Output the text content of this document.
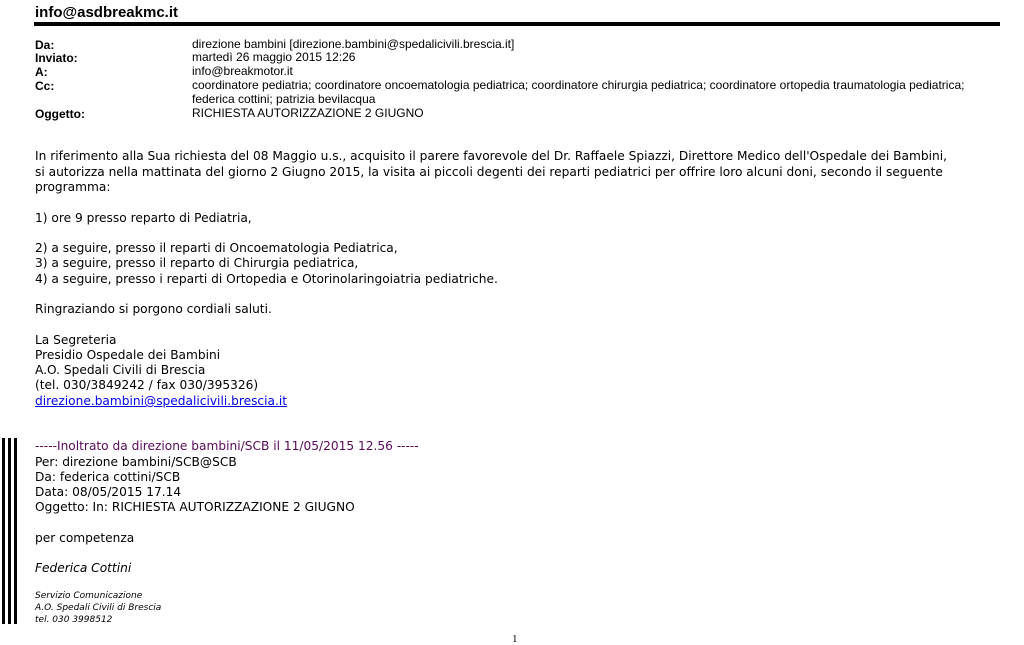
info@asdbreakmc.it
Da:	direzione bambini [direzione.bambini@spedalicivili.brescia.it]
Inviato:	martedì 26 maggio 2015 12:26
A:	info@breakmotor.it
Cc:	coordinatore pediatria; coordinatore oncoematologia pediatrica; coordinatore chirurgia pediatrica; coordinatore ortopedia traumatologia pediatrica;
federica cottini; patrizia bevilacqua
Oggetto:	RICHIESTA AUTORIZZAZIONE 2 GIUGNO
In riferimento alla Sua richiesta del 08 Maggio u.s., acquisito il parere favorevole del Dr. Raffaele Spiazzi, Direttore Medico dell'Ospedale dei Bambini,
si autorizza nella mattinata del giorno 2 Giugno 2015, la visita ai piccoli degenti dei reparti pediatrici per offrire loro alcuni doni, secondo il seguente
programma:
1) ore 9 presso reparto di Pediatria,
2) a seguire, presso il reparti di Oncoematologia Pediatrica,
3) a seguire, presso il reparto di Chirurgia pediatrica,
4) a seguire, presso i reparti di Ortopedia e Otorinolaringoiatria pediatriche.
Ringraziando si porgono cordiali saluti.
La Segreteria
Presidio Ospedale dei Bambini
A.O. Spedali Civili di Brescia
(tel. 030/3849242 / fax 030/395326)
direzione.bambini@spedalicivili.brescia.it
-----Inoltrato da direzione bambini/SCB il 11/05/2015 12.56 -----
Per: direzione bambini/SCB@SCB
Da: federica cottini/SCB
Data: 08/05/2015 17.14
Oggetto: In: RICHIESTA AUTORIZZAZIONE 2 GIUGNO
per competenza
Federica Cottini
Servizio Comunicazione
A.O. Spedali Civili di Brescia
tel. 030 3998512
1
